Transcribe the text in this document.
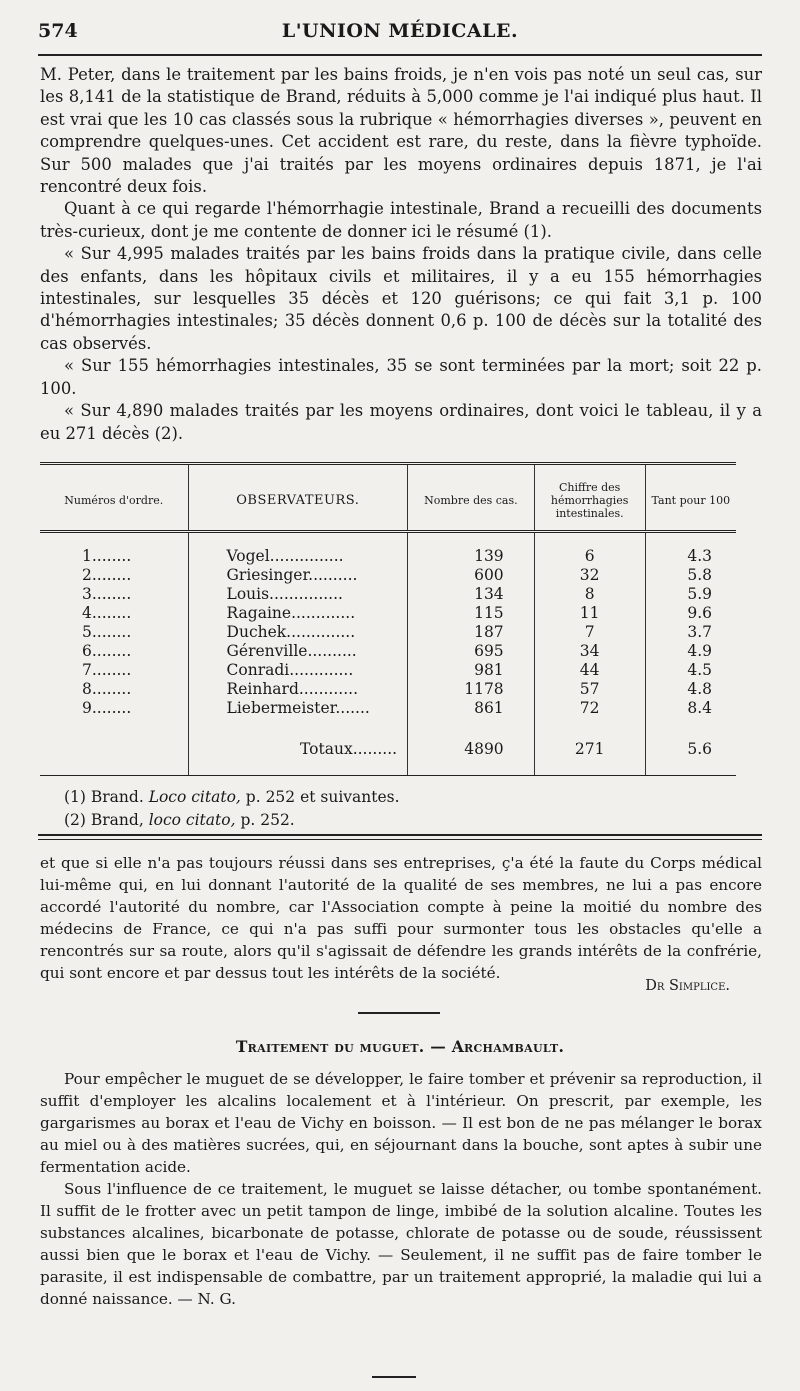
574	L'UNION MÉDICALE.

M. Peter, dans le traitement par les bains froids, je n'en vois pas noté un seul cas, sur les 8,141 de la statistique de Brand, réduits à 5,000 comme je l'ai indiqué plus haut. Il est vrai que les 10 cas classés sous la rubrique « hémorrhagies diverses », peuvent en comprendre quelques-unes. Cet accident est rare, du reste, dans la fièvre typhoïde. Sur 500 malades que j'ai traités par les moyens ordinaires depuis 1871, je l'ai rencontré deux fois.

Quant à ce qui regarde l'hémorrhagie intestinale, Brand a recueilli des documents très-curieux, dont je me contente de donner ici le résumé (1).

« Sur 4,995 malades traités par les bains froids dans la pratique civile, dans celle des enfants, dans les hôpitaux civils et militaires, il y a eu 155 hémorrhagies intestinales, sur lesquelles 35 décès et 120 guérisons; ce qui fait 3,1 p. 100 d'hémorrhagies intestinales; 35 décès donnent 0,6 p. 100 de décès sur la totalité des cas observés.

« Sur 155 hémorrhagies intestinales, 35 se sont terminées par la mort; soit 22 p. 100.

« Sur 4,890 malades traités par les moyens ordinaires, dont voici le tableau, il y a eu 271 décès (2).

Numéros d'ordre.	OBSERVATEURS.	Nombre des cas.	Chiffre des hémorrhagies intestinales.	Tant pour 100
1........	Vogel...............	139	6	4.3
2........	Griesinger..........	600	32	5.8
3........	Louis...............	134	8	5.9
4........	Ragaine.............	115	11	9.6
5........	Duchek..............	187	7	3.7
6........	Gérenville..........	695	34	4.9
7........	Conradi.............	981	44	4.5
8........	Reinhard............	1178	57	4.8
9........	Liebermeister.......	861	72	8.4
	Totaux.........	4890	271	5.6
(1) Brand. Loco citato, p. 252 et suivantes.
(2) Brand, loco citato, p. 252.

et que si elle n'a pas toujours réussi dans ses entreprises, ç'a été la faute du Corps médical lui-même qui, en lui donnant l'autorité de la qualité de ses membres, ne lui a pas encore accordé l'autorité du nombre, car l'Association compte à peine la moitié du nombre des médecins de France, ce qui n'a pas suffi pour surmonter tous les obstacles qu'elle a rencontrés sur sa route, alors qu'il s'agissait de défendre les grands intérêts de la confrérie, qui sont encore et par dessus tout les intérêts de la société.

Dr Simplice.
Traitement du muguet. — Archambault.

Pour empêcher le muguet de se développer, le faire tomber et prévenir sa reproduction, il suffit d'employer les alcalins localement et à l'intérieur. On prescrit, par exemple, les gargarismes au borax et l'eau de Vichy en boisson. — Il est bon de ne pas mélanger le borax au miel ou à des matières sucrées, qui, en séjournant dans la bouche, sont aptes à subir une fermentation acide.

Sous l'influence de ce traitement, le muguet se laisse détacher, ou tombe spontanément. Il suffit de le frotter avec un petit tampon de linge, imbibé de la solution alcaline. Toutes les substances alcalines, bicarbonate de potasse, chlorate de potasse ou de soude, réussissent aussi bien que le borax et l'eau de Vichy. — Seulement, il ne suffit pas de faire tomber le parasite, il est indispensable de combattre, par un traitement approprié, la maladie qui lui a donné naissance. — N. G.
